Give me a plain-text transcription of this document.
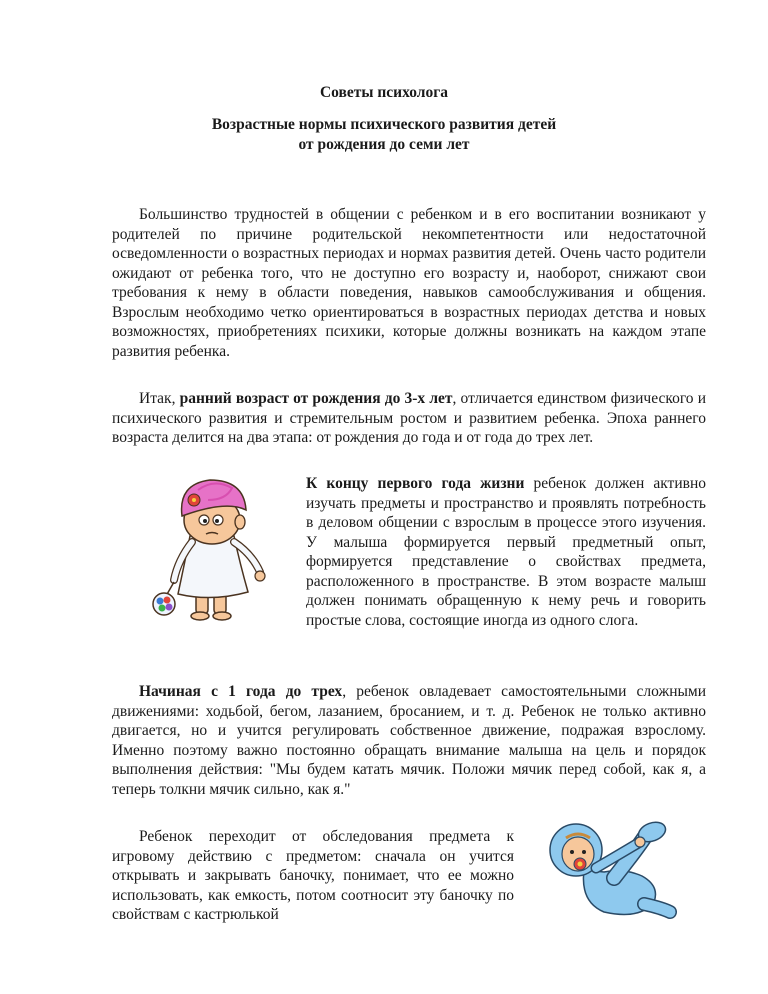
Советы психолога
Возрастные нормы психического развития детей
от рождения до семи лет

Большинство трудностей в общении с ребенком и в его воспитании возникают у родителей по причине родительской некомпетентности или недостаточной осведомленности о возрастных периодах и нормах развития детей. Очень часто родители ожидают от ребенка того, что не доступно его возрасту и, наоборот, снижают свои требования к нему в области поведения, навыков самообслуживания и общения. Взрослым необходимо четко ориентироваться в возрастных периодах детства и новых возможностях, приобретениях психики, которые должны возникать на каждом этапе развития ребенка.

Итак, ранний возраст от рождения до 3-х лет, отличается единством физического и психического развития и стремительным ростом и развитием ребенка. Эпоха раннего возраста делится на два этапа: от рождения до года и от года до трех лет.

К концу первого года жизни ребенок должен активно изучать предметы и пространство и проявлять потребность в деловом общении с взрослым в процессе этого изучения. У малыша формируется первый предметный опыт, формируется представление о свойствах предмета, расположенного в пространстве. В этом возрасте малыш должен понимать обращенную к нему речь и говорить простые слова, состоящие иногда из одного слога.

Начиная с 1 года до трех, ребенок овладевает самостоятельными сложными движениями: ходьбой, бегом, лазанием, бросанием, и т. д. Ребенок не только активно двигается, но и учится регулировать собственное движение, подражая взрослому. Именно поэтому важно постоянно обращать внимание малыша на цель и порядок выполнения действия: "Мы будем катать мячик. Положи мячик перед собой, как я, а теперь толкни мячик сильно, как я."

Ребенок переходит от обследования предмета к игровому действию с предметом: сначала он учится открывать и закрывать баночку, понимает, что ее можно использовать, как емкость, потом соотносит эту баночку по свойствам с кастрюлькой
